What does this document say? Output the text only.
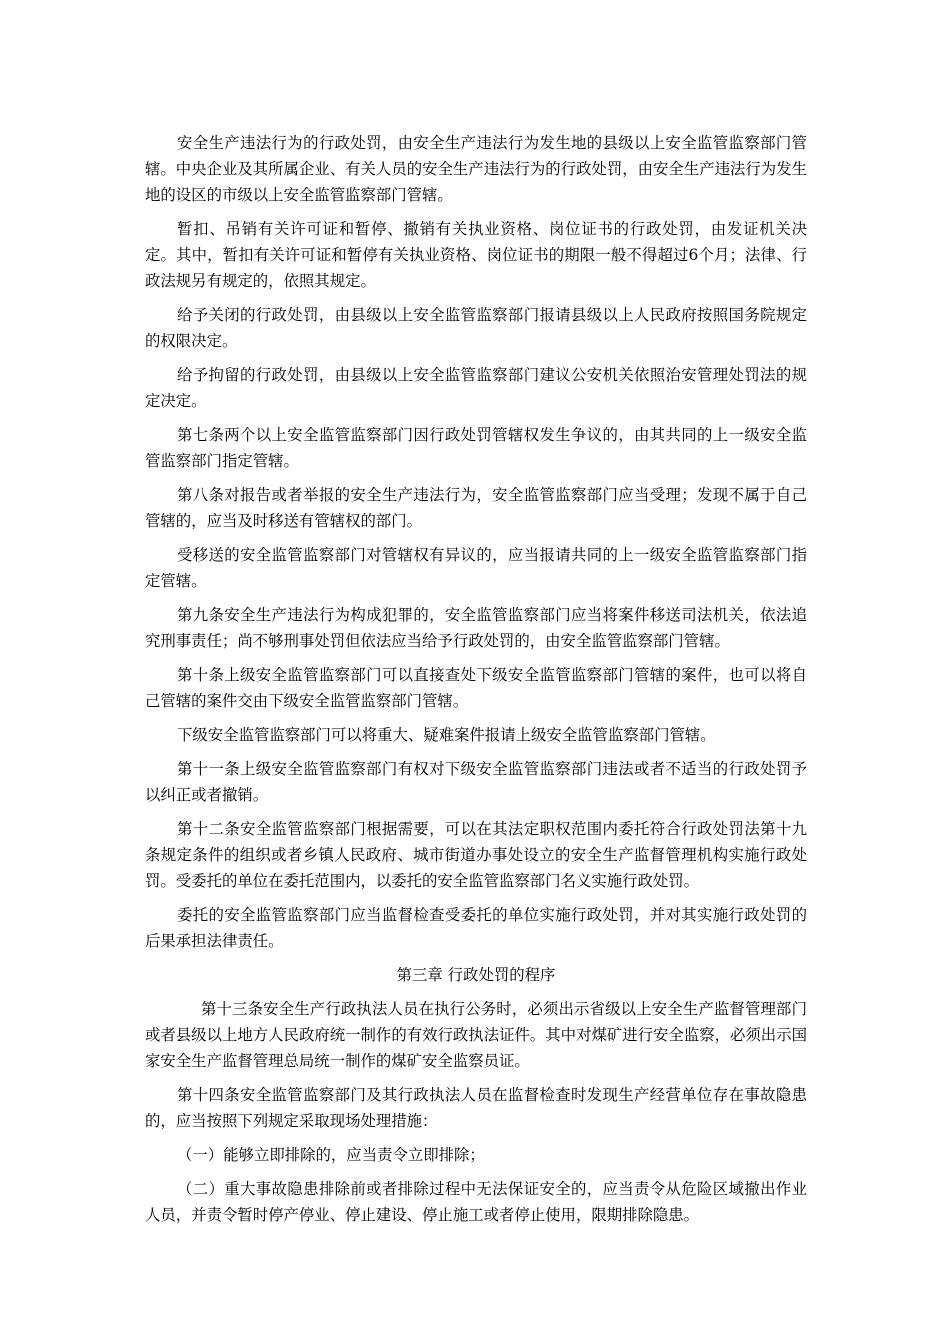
安全生产违法行为的行政处罚，由安全生产违法行为发生地的县级以上安全监管监察部门管辖。中央企业及其所属企业、有关人员的安全生产违法行为的行政处罚，由安全生产违法行为发生地的设区的市级以上安全监管监察部门管辖。

暂扣、吊销有关许可证和暂停、撤销有关执业资格、岗位证书的行政处罚，由发证机关决定。其中，暂扣有关许可证和暂停有关执业资格、岗位证书的期限一般不得超过6个月；法律、行政法规另有规定的，依照其规定。

给予关闭的行政处罚，由县级以上安全监管监察部门报请县级以上人民政府按照国务院规定的权限决定。

给予拘留的行政处罚，由县级以上安全监管监察部门建议公安机关依照治安管理处罚法的规定决定。

第七条两个以上安全监管监察部门因行政处罚管辖权发生争议的，由其共同的上一级安全监管监察部门指定管辖。

第八条对报告或者举报的安全生产违法行为，安全监管监察部门应当受理；发现不属于自己管辖的，应当及时移送有管辖权的部门。

受移送的安全监管监察部门对管辖权有异议的，应当报请共同的上一级安全监管监察部门指定管辖。

第九条安全生产违法行为构成犯罪的，安全监管监察部门应当将案件移送司法机关，依法追究刑事责任；尚不够刑事处罚但依法应当给予行政处罚的，由安全监管监察部门管辖。

第十条上级安全监管监察部门可以直接查处下级安全监管监察部门管辖的案件，也可以将自己管辖的案件交由下级安全监管监察部门管辖。

下级安全监管监察部门可以将重大、疑难案件报请上级安全监管监察部门管辖。

第十一条上级安全监管监察部门有权对下级安全监管监察部门违法或者不适当的行政处罚予以纠正或者撤销。

第十二条安全监管监察部门根据需要，可以在其法定职权范围内委托符合行政处罚法第十九条规定条件的组织或者乡镇人民政府、城市街道办事处设立的安全生产监督管理机构实施行政处罚。受委托的单位在委托范围内，以委托的安全监管监察部门名义实施行政处罚。

委托的安全监管监察部门应当监督检查受委托的单位实施行政处罚，并对其实施行政处罚的后果承担法律责任。

第三章 行政处罚的程序

第十三条安全生产行政执法人员在执行公务时，必须出示省级以上安全生产监督管理部门或者县级以上地方人民政府统一制作的有效行政执法证件。其中对煤矿进行安全监察，必须出示国家安全生产监督管理总局统一制作的煤矿安全监察员证。

第十四条安全监管监察部门及其行政执法人员在监督检查时发现生产经营单位存在事故隐患的，应当按照下列规定采取现场处理措施：

（一）能够立即排除的，应当责令立即排除；

（二）重大事故隐患排除前或者排除过程中无法保证安全的，应当责令从危险区域撤出作业人员，并责令暂时停产停业、停止建设、停止施工或者停止使用，限期排除隐患。
